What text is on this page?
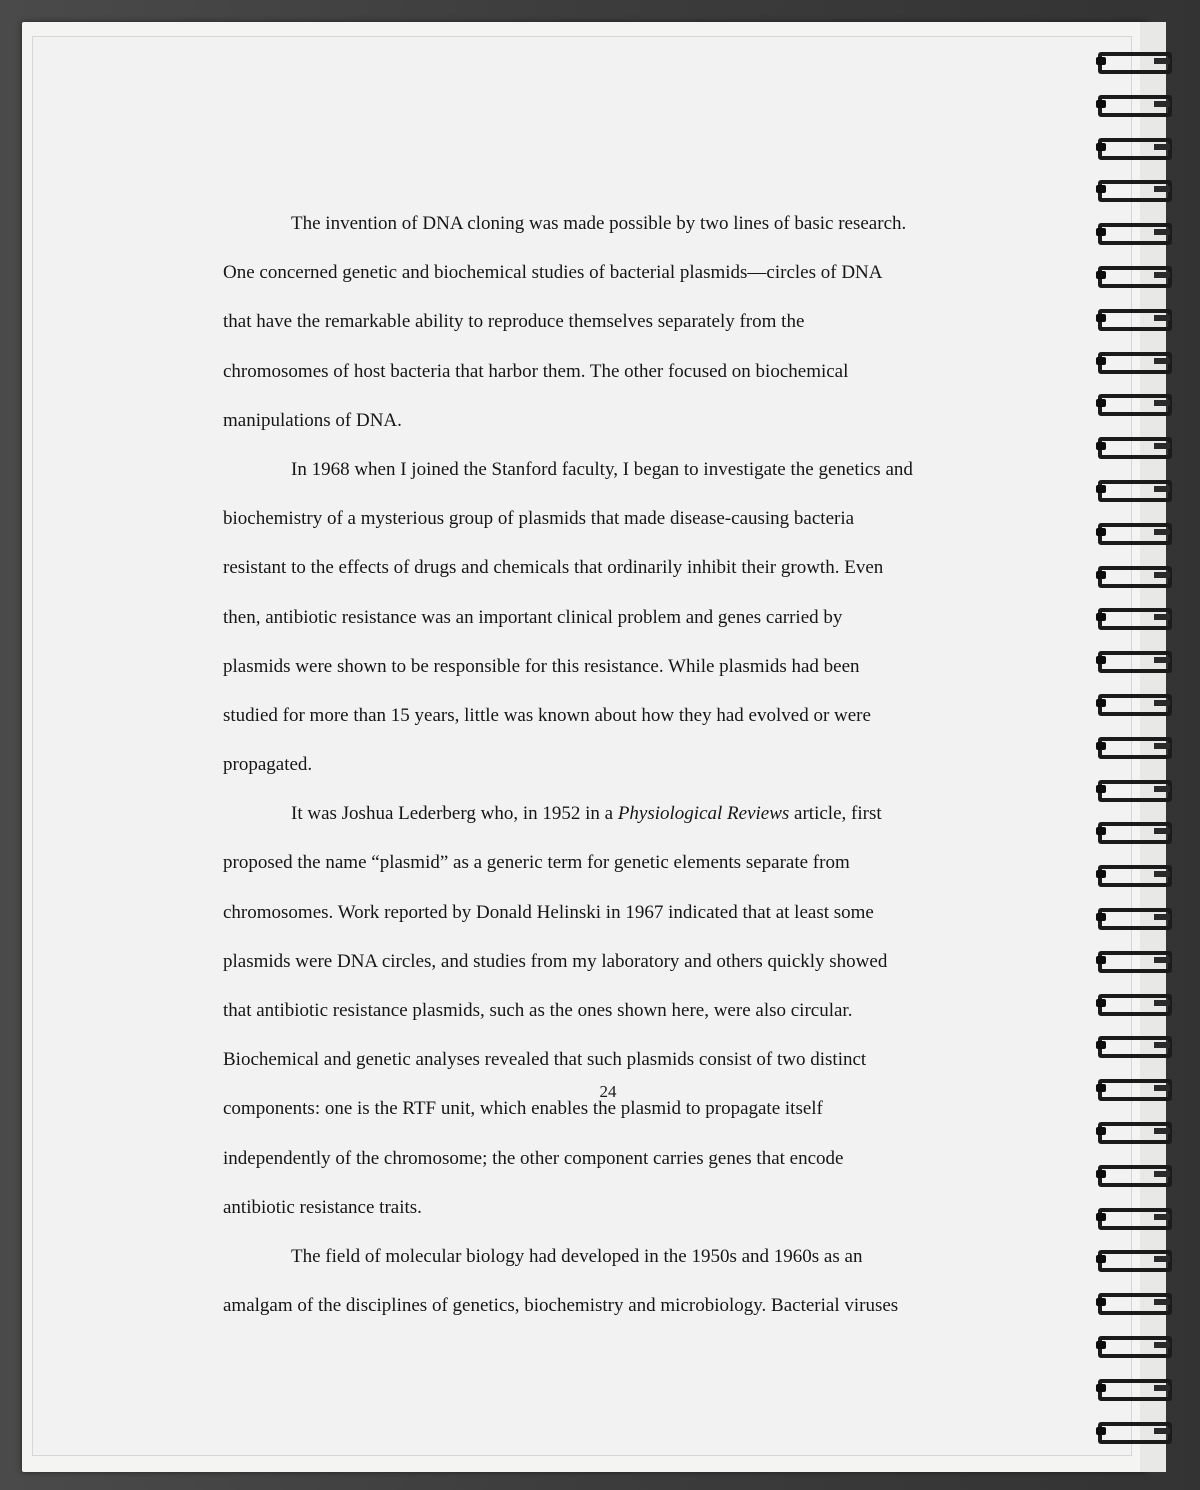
The invention of DNA cloning was made possible by two lines of basic research.
One concerned genetic and biochemical studies of bacterial plasmids—circles of DNA
that have the remarkable ability to reproduce themselves separately from the
chromosomes of host bacteria that harbor them. The other focused on biochemical
manipulations of DNA.
In 1968 when I joined the Stanford faculty, I began to investigate the genetics and
biochemistry of a mysterious group of plasmids that made disease-causing bacteria
resistant to the effects of drugs and chemicals that ordinarily inhibit their growth. Even
then, antibiotic resistance was an important clinical problem and genes carried by
plasmids were shown to be responsible for this resistance. While plasmids had been
studied for more than 15 years, little was known about how they had evolved or were
propagated.
It was Joshua Lederberg who, in 1952 in a Physiological Reviews article, first
proposed the name “plasmid” as a generic term for genetic elements separate from
chromosomes. Work reported by Donald Helinski in 1967 indicated that at least some
plasmids were DNA circles, and studies from my laboratory and others quickly showed
that antibiotic resistance plasmids, such as the ones shown here, were also circular.
Biochemical and genetic analyses revealed that such plasmids consist of two distinct
components: one is the RTF unit, which enables the plasmid to propagate itself
independently of the chromosome; the other component carries genes that encode
antibiotic resistance traits.
The field of molecular biology had developed in the 1950s and 1960s as an
amalgam of the disciplines of genetics, biochemistry and microbiology. Bacterial viruses
24
